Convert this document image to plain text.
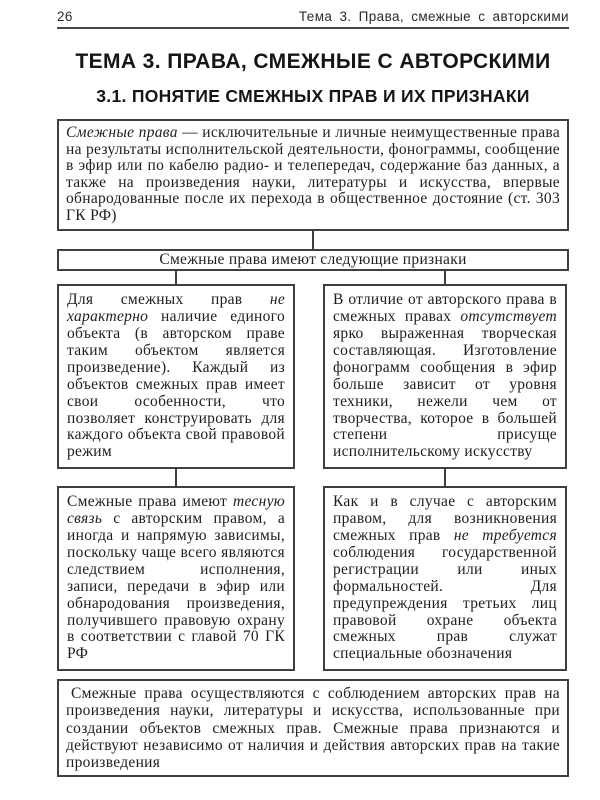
26	Тема 3. Права, смежные с авторскими
ТЕМА 3. ПРАВА, СМЕЖНЫЕ С АВТОРСКИМИ
3.1. ПОНЯТИЕ СМЕЖНЫХ ПРАВ И ИХ ПРИЗНАКИ
Смежные права — исключительные и личные неимущественные права на результаты исполнительской деятельности, фонограммы, сообщение в эфир или по кабелю радио- и телепередач, содержание баз данных, а также на произведения науки, литературы и искусства, впервые обнародованные после их перехода в общественное достояние (ст. 303 ГК РФ)
Смежные права имеют следующие признаки
Для смежных прав не характерно наличие единого объекта (в авторском праве таким объектом является произведение). Каждый из объектов смежных прав имеет свои особенности, что позволяет конструировать для каждого объекта свой правовой режим
В отличие от авторского права в смежных правах отсутствует ярко выраженная творческая составляющая. Изготовление фонограмм сообщения в эфир больше зависит от уровня техники, нежели чем от творчества, которое в большей степени присуще исполнительскому искусству
Смежные права имеют тесную связь с авторским правом, а иногда и напрямую зависимы, поскольку чаще всего являются следствием исполнения, записи, передачи в эфир или обнародования произведения, получившего правовую охрану в соответствии с главой 70 ГК РФ
Как и в случае с авторским правом, для возникновения смежных прав не требуется соблюдения государственной регистрации или иных формальностей. Для предупреждения третьих лиц правовой охране объекта смежных прав служат специальные обозначения
Смежные права осуществляются с соблюдением авторских прав на произведения науки, литературы и искусства, использованные при создании объектов смежных прав. Смежные права признаются и действуют независимо от наличия и действия авторских прав на такие произведения
